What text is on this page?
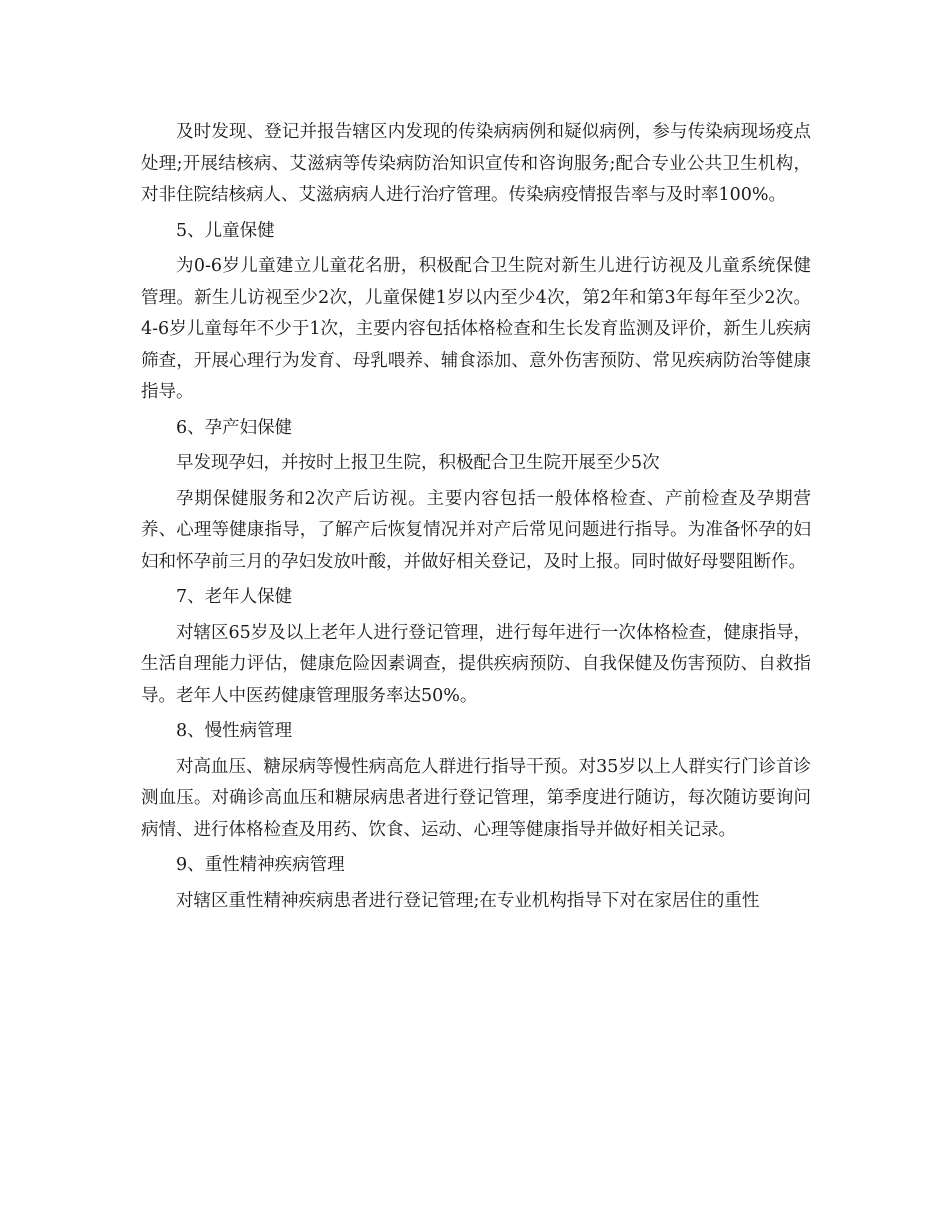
及时发现、登记并报告辖区内发现的传染病病例和疑似病例，参与传染病现场疫点处理;开展结核病、艾滋病等传染病防治知识宣传和咨询服务;配合专业公共卫生机构，对非住院结核病人、艾滋病病人进行治疗管理。传染病疫情报告率与及时率100%。

5、儿童保健

为0-6岁儿童建立儿童花名册，积极配合卫生院对新生儿进行访视及儿童系统保健管理。新生儿访视至少2次，儿童保健1岁以内至少4次，第2年和第3年每年至少2次。4-6岁儿童每年不少于1次，主要内容包括体格检查和生长发育监测及评价，新生儿疾病筛查，开展心理行为发育、母乳喂养、辅食添加、意外伤害预防、常见疾病防治等健康指导。

6、孕产妇保健

早发现孕妇，并按时上报卫生院，积极配合卫生院开展至少5次

孕期保健服务和2次产后访视。主要内容包括一般体格检查、产前检查及孕期营养、心理等健康指导，了解产后恢复情况并对产后常见问题进行指导。为准备怀孕的妇妇和怀孕前三月的孕妇发放叶酸，并做好相关登记，及时上报。同时做好母婴阻断作。

7、老年人保健

对辖区65岁及以上老年人进行登记管理，进行每年进行一次体格检查，健康指导，生活自理能力评估，健康危险因素调查，提供疾病预防、自我保健及伤害预防、自救指导。老年人中医药健康管理服务率达50%。

8、慢性病管理

对高血压、糖尿病等慢性病高危人群进行指导干预。对35岁以上人群实行门诊首诊测血压。对确诊高血压和糖尿病患者进行登记管理，第季度进行随访，每次随访要询问病情、进行体格检查及用药、饮食、运动、心理等健康指导并做好相关记录。

9、重性精神疾病管理

对辖区重性精神疾病患者进行登记管理;在专业机构指导下对在家居住的重性
